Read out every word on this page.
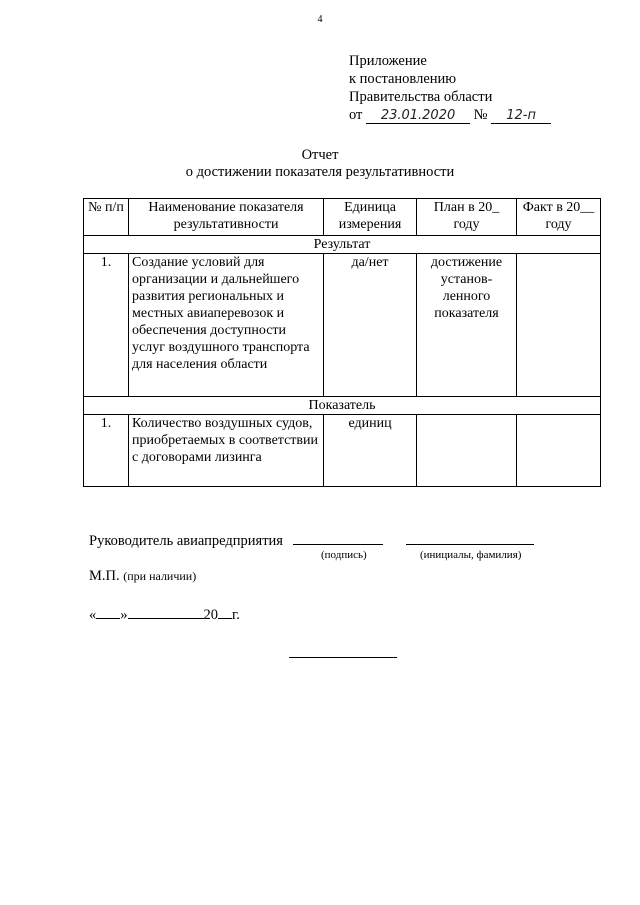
4
Приложение
к постановлению
Правительства области
от 23.01.2020 № 12-п
Отчет
о достижении показателя результативности
№ п/п	Наименование показателя результативности	Единица измерения	План в 20_ году	Факт в 20__ году
Результат				
1.	Создание условий для организации и дальнейшего развития региональных и местных авиаперевозок и обеспечения доступности услуг воздушного транспорта для населения области	да/нет	достижение установ-ленного показателя	
Показатель				
1.	Количество воздушных судов, приобретаемых в соответствии с договорами лизинга	единиц		
Руководитель авиапредприятия
(подпись)	(инициалы, фамилия)
М.П. (при наличии)
« »	20 г.
